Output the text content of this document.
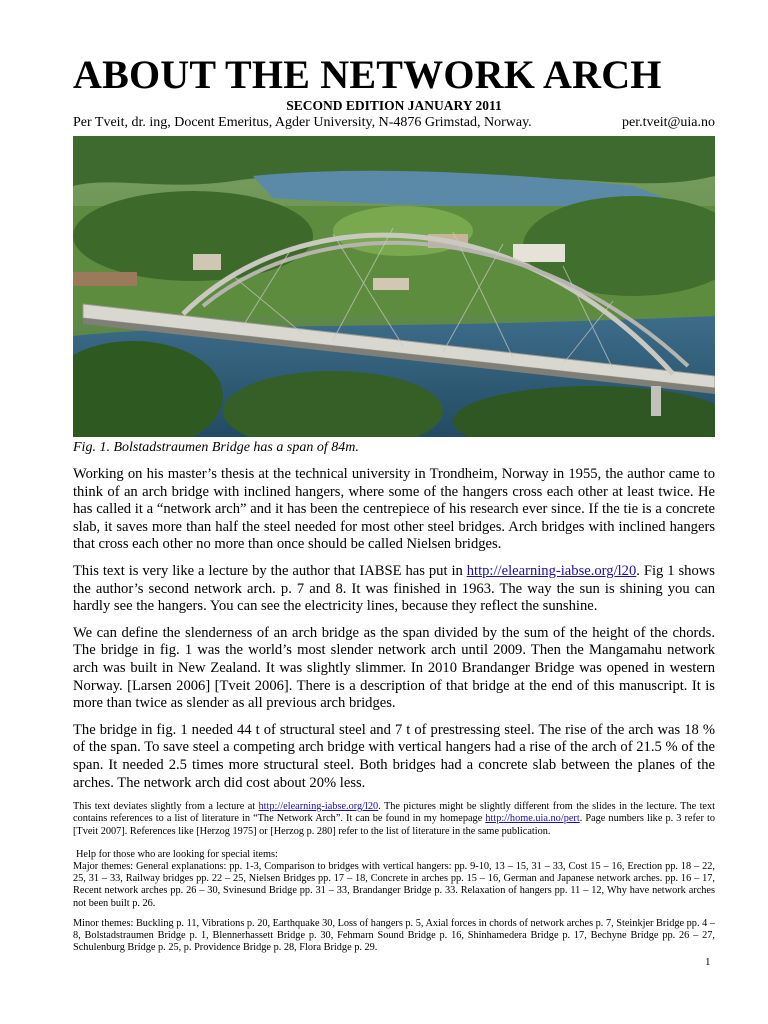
ABOUT THE NETWORK ARCH
SECOND EDITION JANUARY 2011
Per Tveit, dr. ing, Docent Emeritus, Agder University, N-4876 Grimstad, Norway.	per.tveit@uia.no
Fig. 1. Bolstadstraumen Bridge has a span of 84m.

Working on his master’s thesis at the technical university in Trondheim, Norway in 1955, the author came to think of an arch bridge with inclined hangers, where some of the hangers cross each other at least twice. He has called it a “network arch” and it has been the centrepiece of his research ever since. If the tie is a concrete slab, it saves more than half the steel needed for most other steel bridges. Arch bridges with inclined hangers that cross each other no more than once should be called Nielsen bridges.

This text is very like a lecture by the author that IABSE has put in http://elearning-iabse.org/l20. Fig 1 shows the author’s second network arch. p. 7 and 8. It was finished in 1963. The way the sun is shining you can hardly see the hangers. You can see the electricity lines, because they reflect the sunshine.

We can define the slenderness of an arch bridge as the span divided by the sum of the height of the chords. The bridge in fig. 1 was the world’s most slender network arch until 2009. Then the Mangamahu network arch was built in New Zealand. It was slightly slimmer. In 2010 Brandanger Bridge was opened in western Norway. [Larsen 2006] [Tveit 2006]. There is a description of that bridge at the end of this manuscript. It is more than twice as slender as all previous arch bridges.

The bridge in fig. 1 needed 44 t of structural steel and 7 t of prestressing steel. The rise of the arch was 18 % of the span. To save steel a competing arch bridge with vertical hangers had a rise of the arch of 21.5 % of the span. It needed 2.5 times more structural steel. Both bridges had a concrete slab between the planes of the arches. The network arch did cost about 20% less.

This text deviates slightly from a lecture at http://elearning-iabse.org/l20. The pictures might be slightly different from the slides in the lecture. The text contains references to a list of literature in “The Network Arch”. It can be found in my homepage http://home.uia.no/pert. Page numbers like p. 3 refer to [Tveit 2007]. References like [Herzog 1975] or [Herzog p. 280] refer to the list of literature in the same publication.

Help for those who are looking for special items:
Major themes: General explanations: pp. 1-3, Comparison to bridges with vertical hangers: pp. 9-10, 13 – 15, 31 – 33, Cost 15 – 16, Erection pp. 18 – 22, 25, 31 – 33, Railway bridges pp. 22 – 25, Nielsen Bridges pp. 17 – 18, Concrete in arches pp. 15 – 16, German and Japanese network arches. pp. 16 – 17, Recent network arches pp. 26 – 30, Svinesund Bridge pp. 31 – 33, Brandanger Bridge p. 33. Relaxation of hangers pp. 11 – 12, Why have network arches not been built p. 26.

Minor themes: Buckling p. 11, Vibrations p. 20, Earthquake 30, Loss of hangers p. 5, Axial forces in chords of network arches p. 7, Steinkjer Bridge pp. 4 – 8, Bolstadstraumen Bridge p. 1, Blennerhassett Bridge p. 30, Fehmarn Sound Bridge p. 16, Shinhamedera Bridge p. 17, Bechyne Bridge pp. 26 – 27, Schulenburg Bridge p. 25, p. Providence Bridge p. 28, Flora Bridge p. 29.

1
